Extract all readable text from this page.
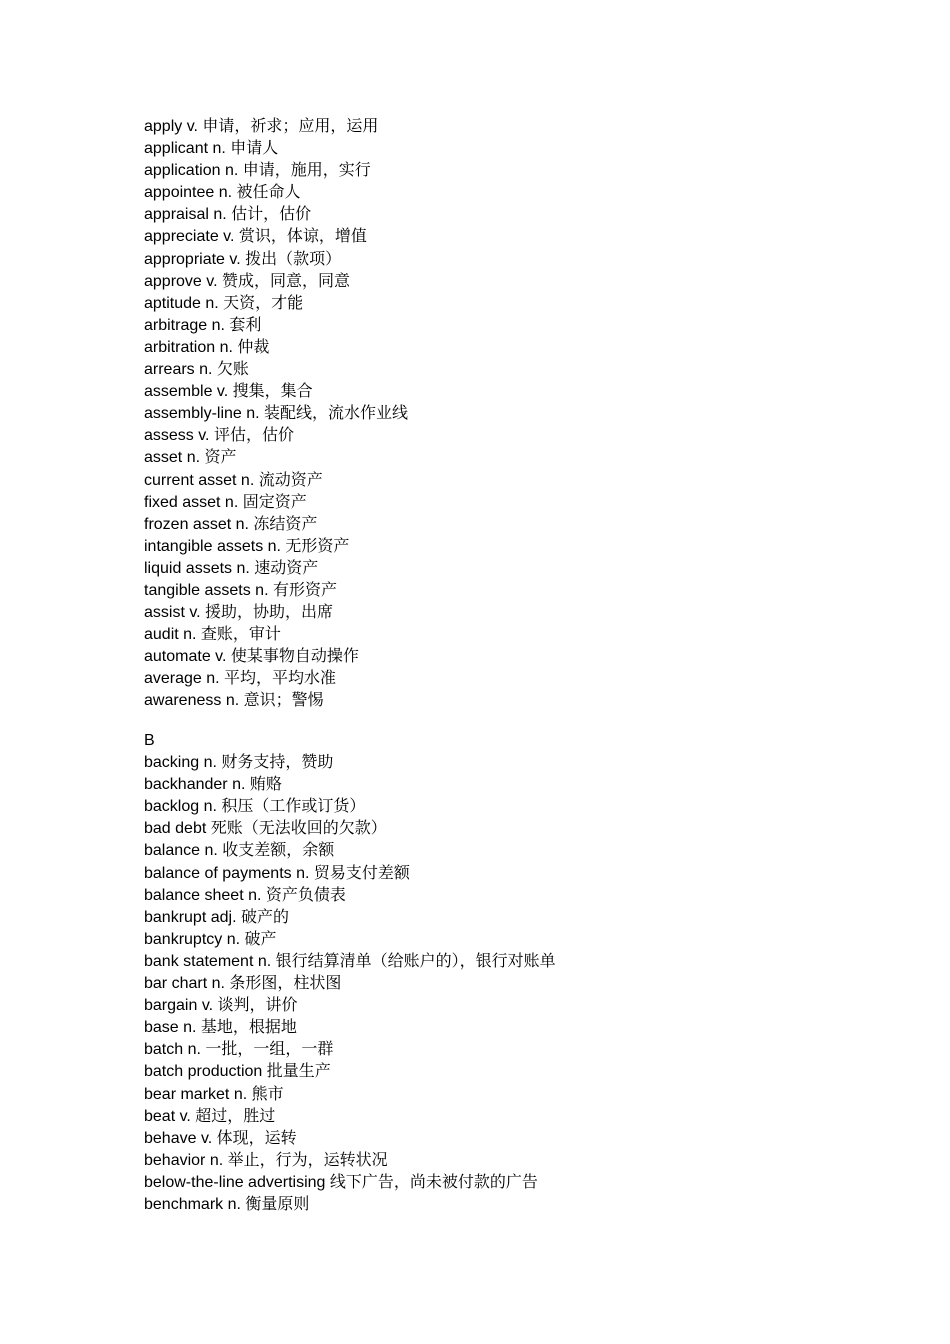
apply v. 申请，祈求；应用，运用
applicant n. 申请人
application n. 申请，施用，实行
appointee n. 被任命人
appraisal n. 估计，估价
appreciate v. 赏识，体谅，增值
appropriate v. 拨出（款项）
approve v. 赞成，同意，同意
aptitude n. 天资，才能
arbitrage n. 套利
arbitration n. 仲裁
arrears n. 欠账
assemble v. 搜集，集合
assembly-line n. 装配线，流水作业线
assess v. 评估，估价
asset n. 资产
current asset n. 流动资产
fixed asset n. 固定资产
frozen asset n. 冻结资产
intangible assets n. 无形资产
liquid assets n. 速动资产
tangible assets n. 有形资产
assist v. 援助，协助，出席
audit n. 查账，审计
automate v. 使某事物自动操作
average n. 平均，平均水准
awareness n. 意识；警惕
B
backing n. 财务支持，赞助
backhander n. 贿赂
backlog n. 积压（工作或订货）
bad debt 死账（无法收回的欠款）
balance n. 收支差额，余额
balance of payments n. 贸易支付差额
balance sheet n. 资产负债表
bankrupt adj. 破产的
bankruptcy n. 破产
bank statement n. 银行结算清单（给账户的），银行对账单
bar chart n. 条形图，柱状图
bargain v. 谈判，讲价
base n. 基地，根据地
batch n. 一批，一组，一群
batch production 批量生产
bear market n. 熊市
beat v. 超过，胜过
behave v. 体现，运转
behavior n. 举止，行为，运转状况
below-the-line advertising 线下广告，尚未被付款的广告
benchmark n. 衡量原则
